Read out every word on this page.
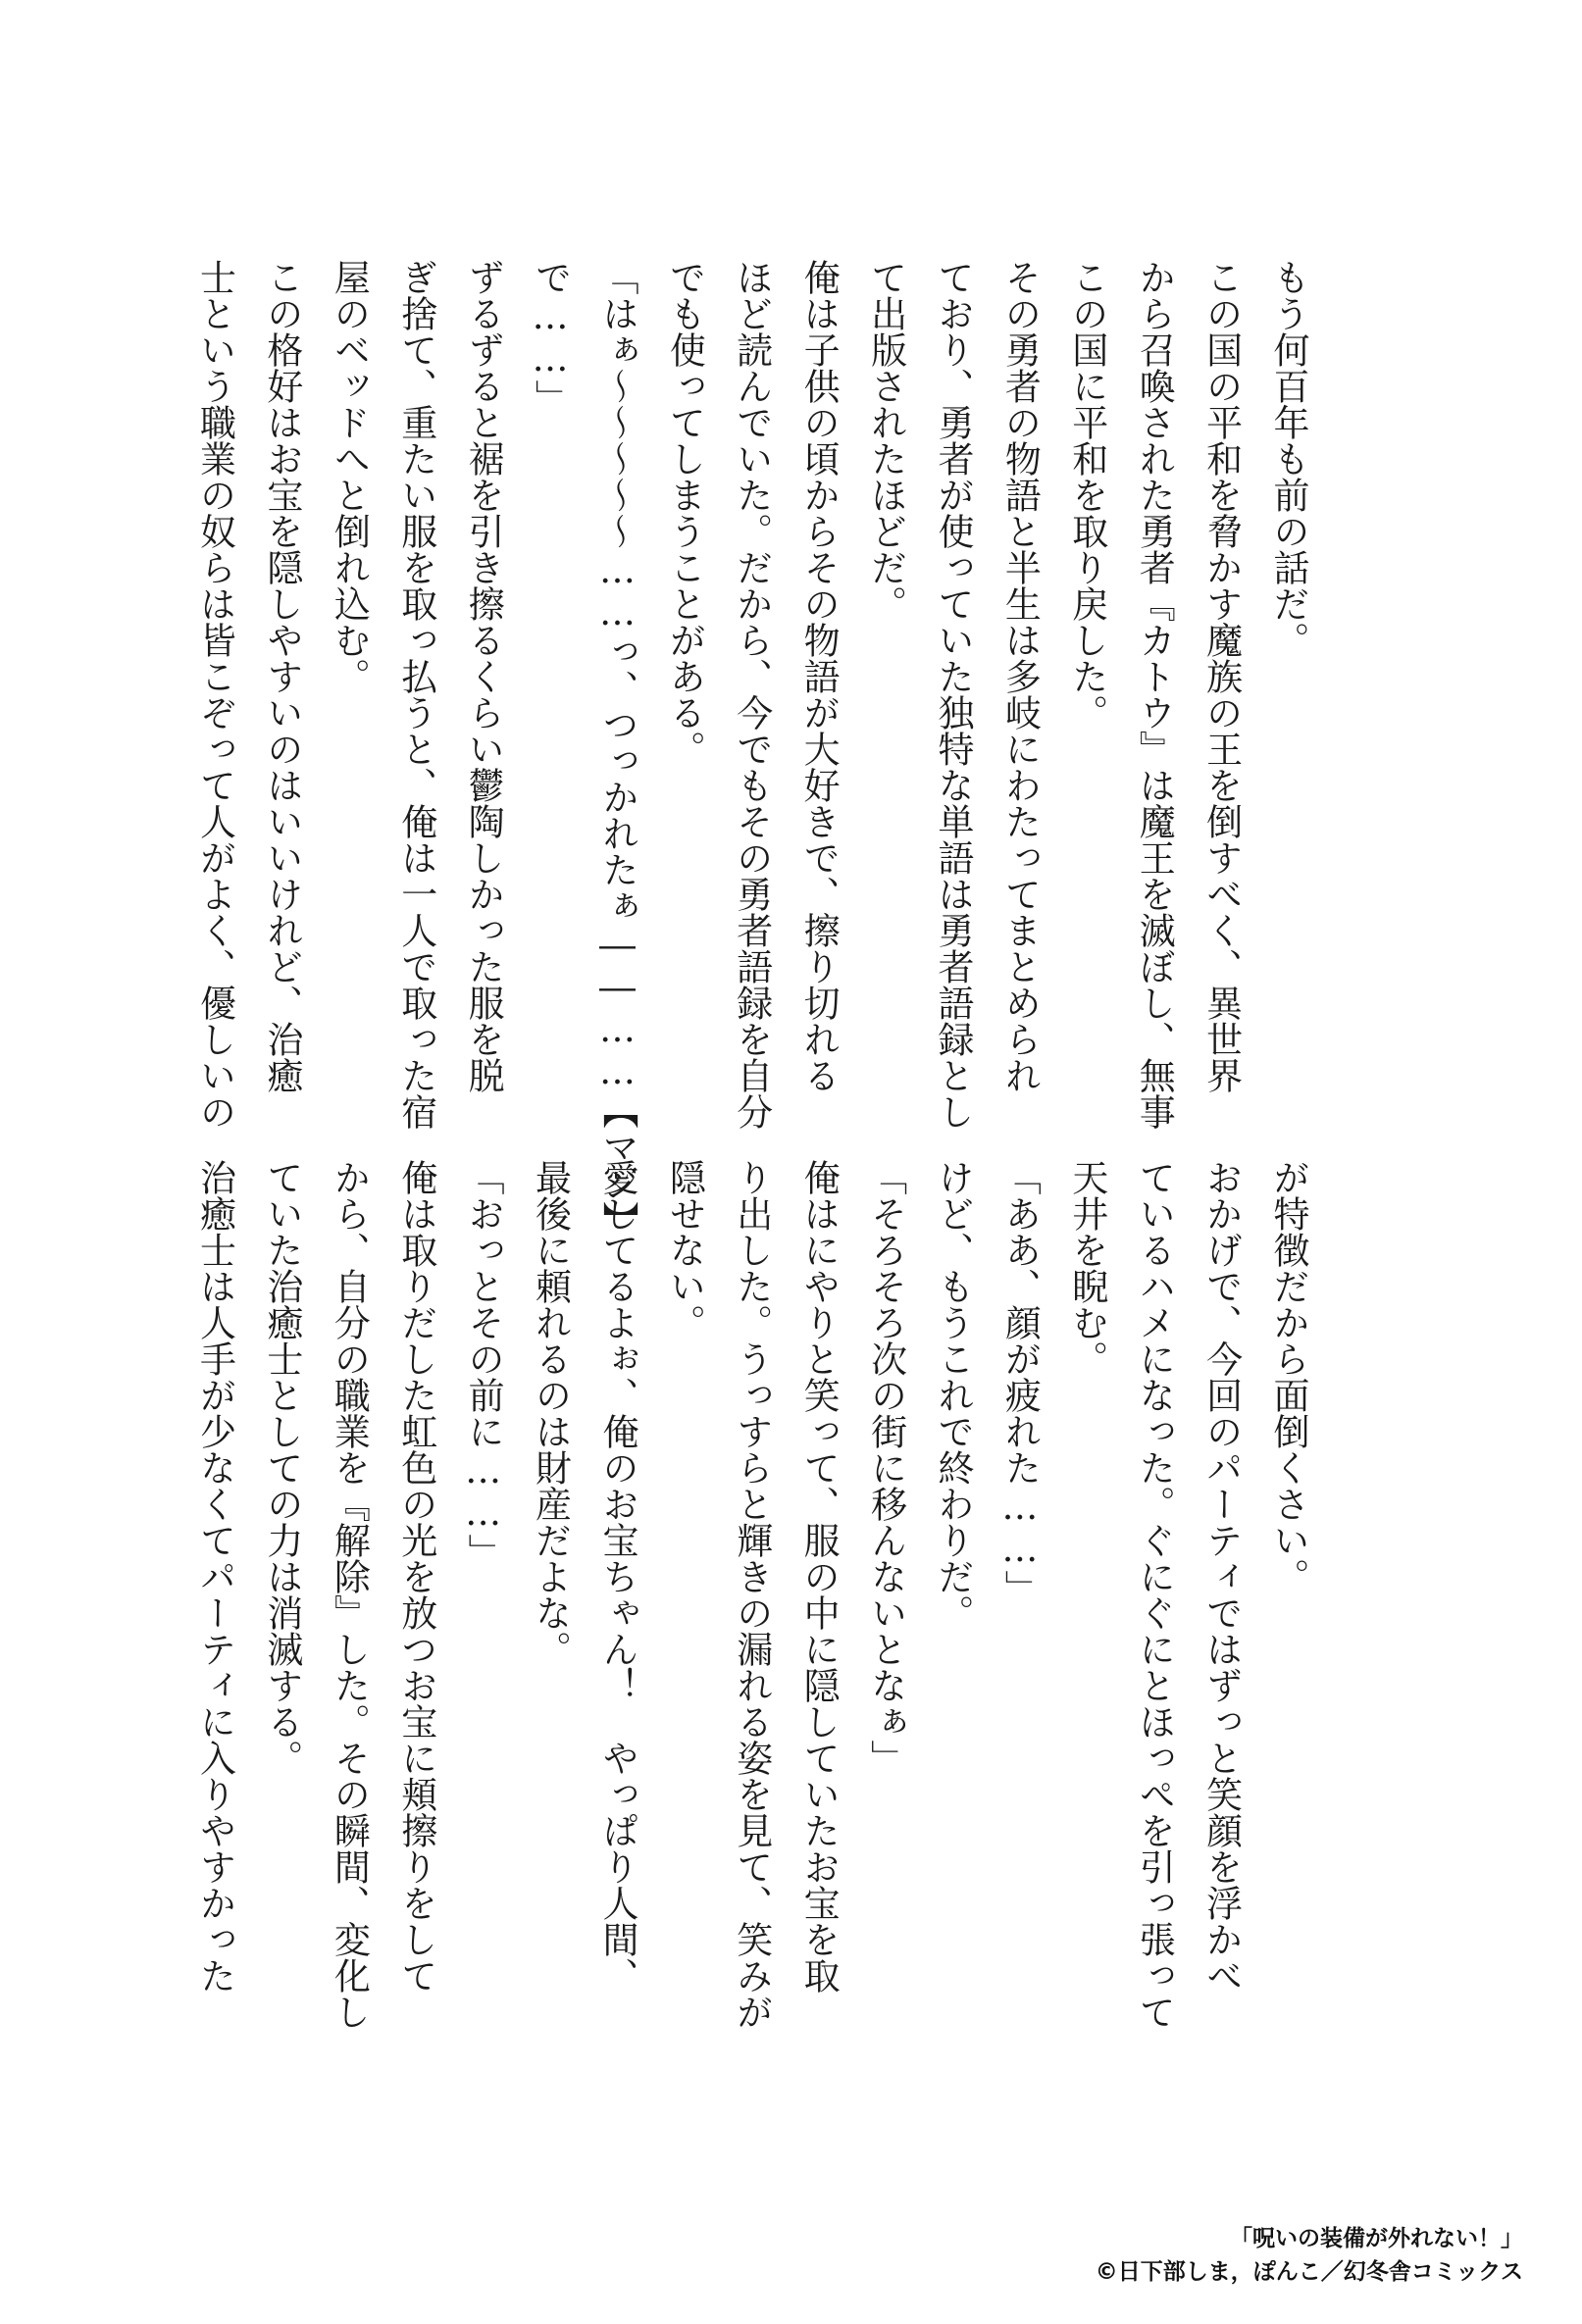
もう何百年も前の話だ。
この国の平和を脅かす魔族の王を倒すべく、異世界
から召喚された勇者『カトウ』は魔王を滅ぼし、無事
この国に平和を取り戻した。
その勇者の物語と半生は多岐にわたってまとめられ
ており、勇者が使っていた独特な単語は勇者語録とし
て出版されたほどだ。
俺は子供の頃からその物語が大好きで、擦り切れる
ほど読んでいた。だから、今でもその勇者語録を自分
でも使ってしまうことがある。
「はぁ～～～～～……っ、つっかれたぁ――……【マジ】
で……」
ずるずると裾を引き擦るくらい鬱陶しかった服を脱
ぎ捨て、重たい服を取っ払うと、俺は一人で取った宿
屋のベッドへと倒れ込む。
この格好はお宝を隠しやすいのはいいけれど、治癒
士という職業の奴らは皆こぞって人がよく、優しいの
が特徴だから面倒くさい。
おかげで、今回のパーティではずっと笑顔を浮かべ
ているハメになった。ぐにぐにとほっぺを引っ張って
天井を睨む。
「ああ、顔が疲れた……」
けど、もうこれで終わりだ。
「そろそろ次の街に移んないとなぁ」
俺はにやりと笑って、服の中に隠していたお宝を取
り出した。うっすらと輝きの漏れる姿を見て、笑みが
隠せない。
愛してるよぉ、俺のお宝ちゃん！　やっぱり人間、
最後に頼れるのは財産だよな。
「おっとその前に……」
俺は取りだした虹色の光を放つお宝に頬擦りをして
から、自分の職業を『解除』した。その瞬間、変化し
ていた治癒士としての力は消滅する。
治癒士は人手が少なくてパーティに入りやすかった
「呪いの装備が外れない！」
©日下部しま，ぽんこ／幻冬舎コミックス
